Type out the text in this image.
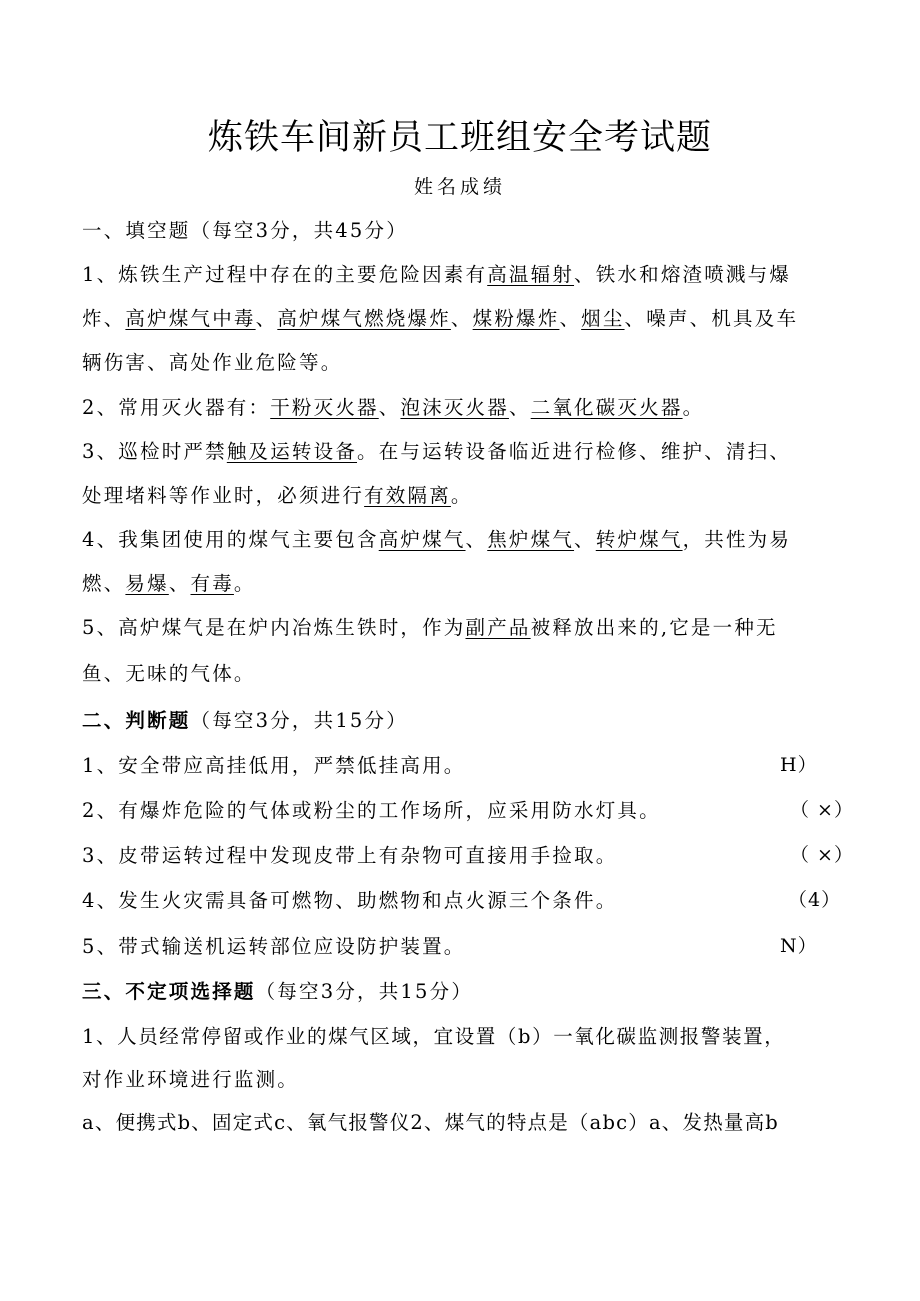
炼铁车间新员工班组安全考试题
姓名成绩
一、填空题（每空3分，共45分）
1、炼铁生产过程中存在的主要危险因素有高温辐射、铁水和熔渣喷溅与爆
炸、高炉煤气中毒、高炉煤气燃烧爆炸、煤粉爆炸、烟尘、噪声、机具及车
辆伤害、高处作业危险等。
2、常用灭火器有：干粉灭火器、泡沫灭火器、二氧化碳灭火器。
3、巡检时严禁触及运转设备。在与运转设备临近进行检修、维护、清扫、
处理堵料等作业时，必须进行有效隔离。
4、我集团使用的煤气主要包含高炉煤气、焦炉煤气、转炉煤气，共性为易
燃、易爆、有毒。
5、高炉煤气是在炉内冶炼生铁时，作为副产品被释放出来的,它是一种无
鱼、无味的气体。
二、判断题（每空3分，共15分）
1、安全带应高挂低用，严禁低挂高用。	H）
2、有爆炸危险的气体或粉尘的工作场所，应采用防水灯具。	（ ×）
3、皮带运转过程中发现皮带上有杂物可直接用手捡取。	（ ×）
4、发生火灾需具备可燃物、助燃物和点火源三个条件。	（4）
5、带式输送机运转部位应设防护装置。	N）
三、不定项选择题（每空3分，共15分）
1、人员经常停留或作业的煤气区域，宜设置（b）一氧化碳监测报警装置，
对作业环境进行监测。
a、便携式b、固定式c、氧气报警仪2、煤气的特点是（abc）a、发热量高b
